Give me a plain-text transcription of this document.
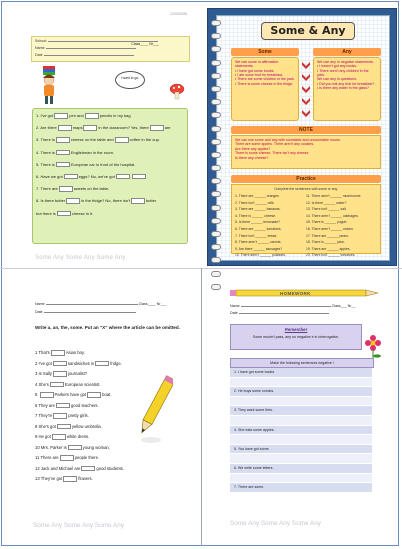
12/03/2008
School:
Name
Class____ Nr___
Date
I want to go.
1. I've got	pen and	pencils in my bag
2. Are there	maps	in the classroom? Yes, there	are
3. There is	cheese on the table and	coffee in the cup.
4. There is	Englishman in the room.
5. There is	European car in front of the hospital.
6. Have we got	eggs? No, we've got
7. There are	sweets on the table.
8. Is there butter	in the fridge? No, there isn't	butter
but there is	cheese in it.
Some Any Some Any Some Any
Some & Any
Some	Any
We use some in affirmative statements.
• I have got some books.
• I ate some fruit for breakfast.
• There are some children in the park.
• There is some cheese in the fridge.
We use any in negative statements.
• I haven't got any books.
• There aren't any children in the park.
We use any in questions.
• Did you eat any fruit for breakfast?
• Is there any water in the glass?
NOTE
We can use some and any with countable and uncountable nouns.
There are some apples. There aren't any cookies.
Are there any apples?
There is some cheese. There isn't any cheese.
Is there any cheese?
Practice
Complete the sentences with some or any.

1. There are ______ oranges

2. There isn't ______ milk.

3. There are ______ bananas.

4. There is ______ cheese.

5. Is there ______ lemonade?

6. There are ______ tomatoes.

7. There isn't ______ bread.

8. There aren't ______ carrots.

9. Are there ______ sausages?

10. There aren't ______ potatoes.

11. There aren't ______ mushrooms

12. Is there ______ water?

13. There isn't ______ salt.

14. There aren't ______ cabbages.

15. There is ______ yogurt.

16. There aren't ______ onions

17. There are ______ pears.

18. There is ______ juice.

19. There are ______ apples.

20. There isn't ______ tomatoes.

Name	Class____ Nr___
Date
Write a, an, the, some. Put an "X" where the article can be omitted.

1 That's	Asian boy.

2 I've got	sandwiches in	fridge.

3 Is Sally	journalist?

4 She's	European scientist.

5	Parkers have got	boat.

6 They are	good teachers.

7 They're	pretty girls.

8 She's got	yellow umbrella.

9 He got	white dress.

10 Mrs. Parker is	young woman.

11 There are	people there.

12 Jack and Michael are	good students.

13 They've got	flowers.

Some Any Some Any Some Any
HOMEWORK
Name	Class___ Nr__
Date
Remember
Some mustn't pass, any no negative e in interrogative.
Make the following sentences negative !

1. I have got some books.

2. He buys some comics.

3. They want some fries.

4. She eats some apples.

5. You have got some.

6. We write some letters.

7. There are some.

Some Any Some Any Some Any
